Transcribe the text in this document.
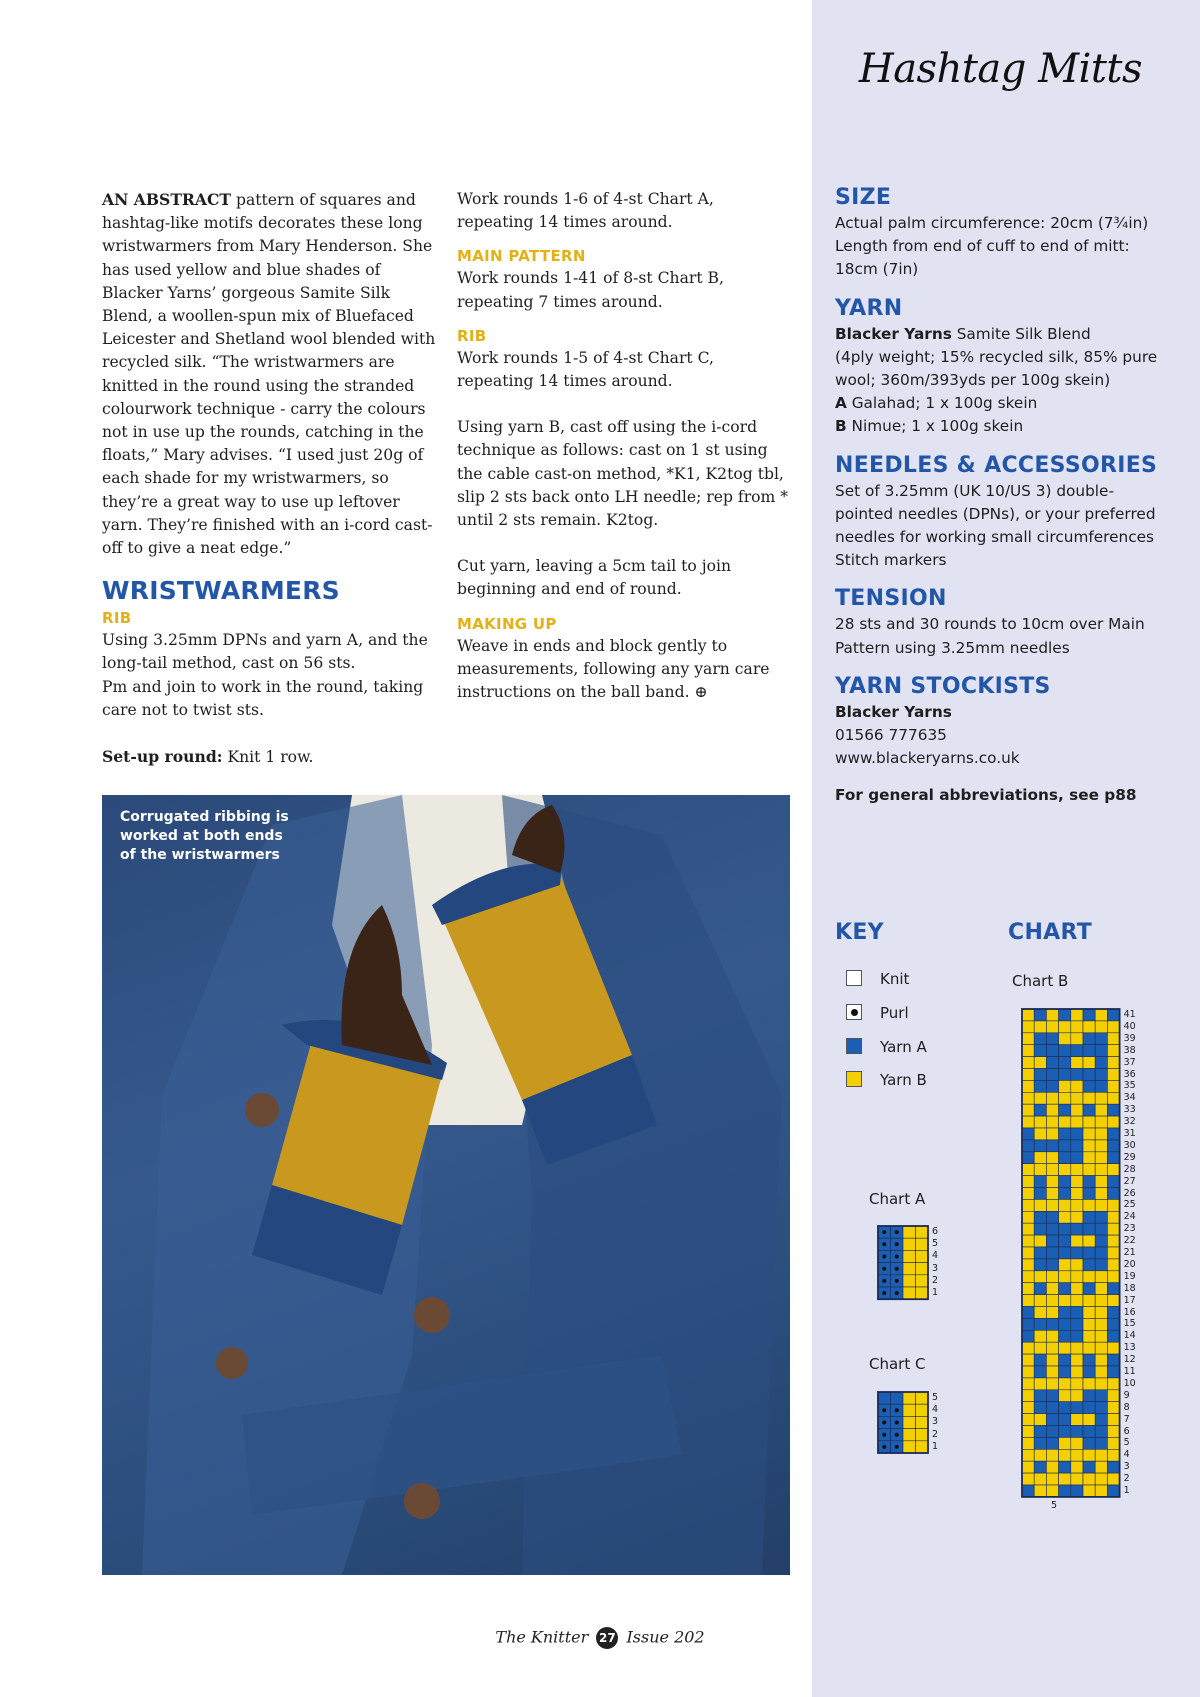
Hashtag Mitts

AN ABSTRACT pattern of squares and hashtag-like motifs decorates these long wristwarmers from Mary Henderson. She has used yellow and blue shades of Blacker Yarns’ gorgeous Samite Silk Blend, a woollen-spun mix of Bluefaced Leicester and Shetland wool blended with recycled silk. “The wristwarmers are knitted in the round using the stranded colourwork technique - carry the colours not in use up the rounds, catching in the floats,” Mary advises. “I used just 20g of each shade for my wristwarmers, so they’re a great way to use up leftover yarn. They’re finished with an i-cord cast-off to give a neat edge.”

WRISTWARMERS
RIB

Using 3.25mm DPNs and yarn A, and the long-tail method, cast on 56 sts.

Pm and join to work in the round, taking care not to twist sts.

Set-up round: Knit 1 row.

Work rounds 1-6 of 4-st Chart A, repeating 14 times around.

MAIN PATTERN

Work rounds 1-41 of 8-st Chart B, repeating 7 times around.

RIB

Work rounds 1-5 of 4-st Chart C, repeating 14 times around.

Using yarn B, cast off using the i-cord technique as follows: cast on 1 st using the cable cast-on method, *K1, K2tog tbl, slip 2 sts back onto LH needle; rep from * until 2 sts remain. K2tog.

Cut yarn, leaving a 5cm tail to join beginning and end of round.

MAKING UP

Weave in ends and block gently to measurements, following any yarn care instructions on the ball band. ⊕

SIZE

Actual palm circumference: 20cm (7¾in)

Length from end of cuff to end of mitt: 18cm (7in)

YARN

Blacker Yarns Samite Silk Blend

(4ply weight; 15% recycled silk, 85% pure wool; 360m/393yds per 100g skein)

A Galahad; 1 x 100g skein

B Nimue; 1 x 100g skein

NEEDLES & ACCESSORIES

Set of 3.25mm (UK 10/US 3) double-pointed needles (DPNs), or your preferred needles for working small circumferences

Stitch markers

TENSION

28 sts and 30 rounds to 10cm over Main Pattern using 3.25mm needles

YARN STOCKISTS

Blacker Yarns

01566 777635

www.blackeryarns.co.uk

For general abbreviations, see p88

Corrugated ribbing is worked at both ends of the wristwarmers
KEY
Knit
Purl
Yarn A
Yarn B
CHART
Chart B
Chart A
Chart C
5
41
40
39
38
37
36
35
34
33
32
31
30
29
28
27
26
25
24
23
22
21
20
19
18
17
16
15
14
13
12
11
10
9
8
7
6
5
4
3
2
1
6
5
4
3
2
1
5
4
3
2
1
The Knitter 27 Issue 202
